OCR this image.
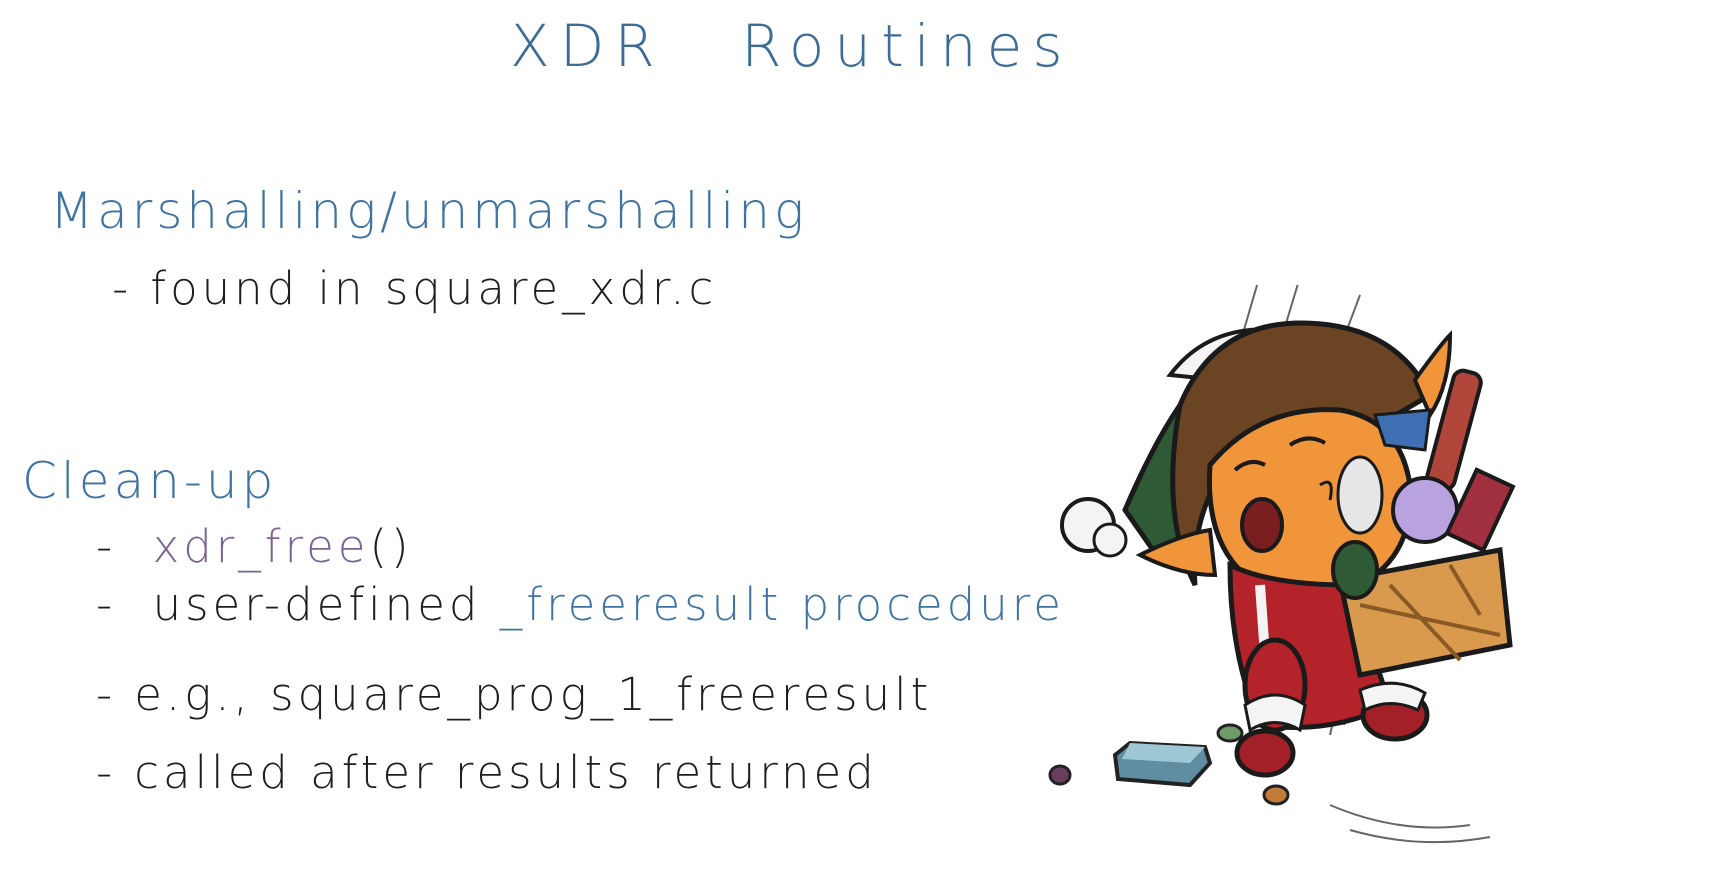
XDR Routines
Marshalling/unmarshalling
- found in square_xdr.c
Clean-up
- xdr_free()
- user-defined _freeresult procedure
- e.g., square_prog_1_freeresult
- called after results returned
